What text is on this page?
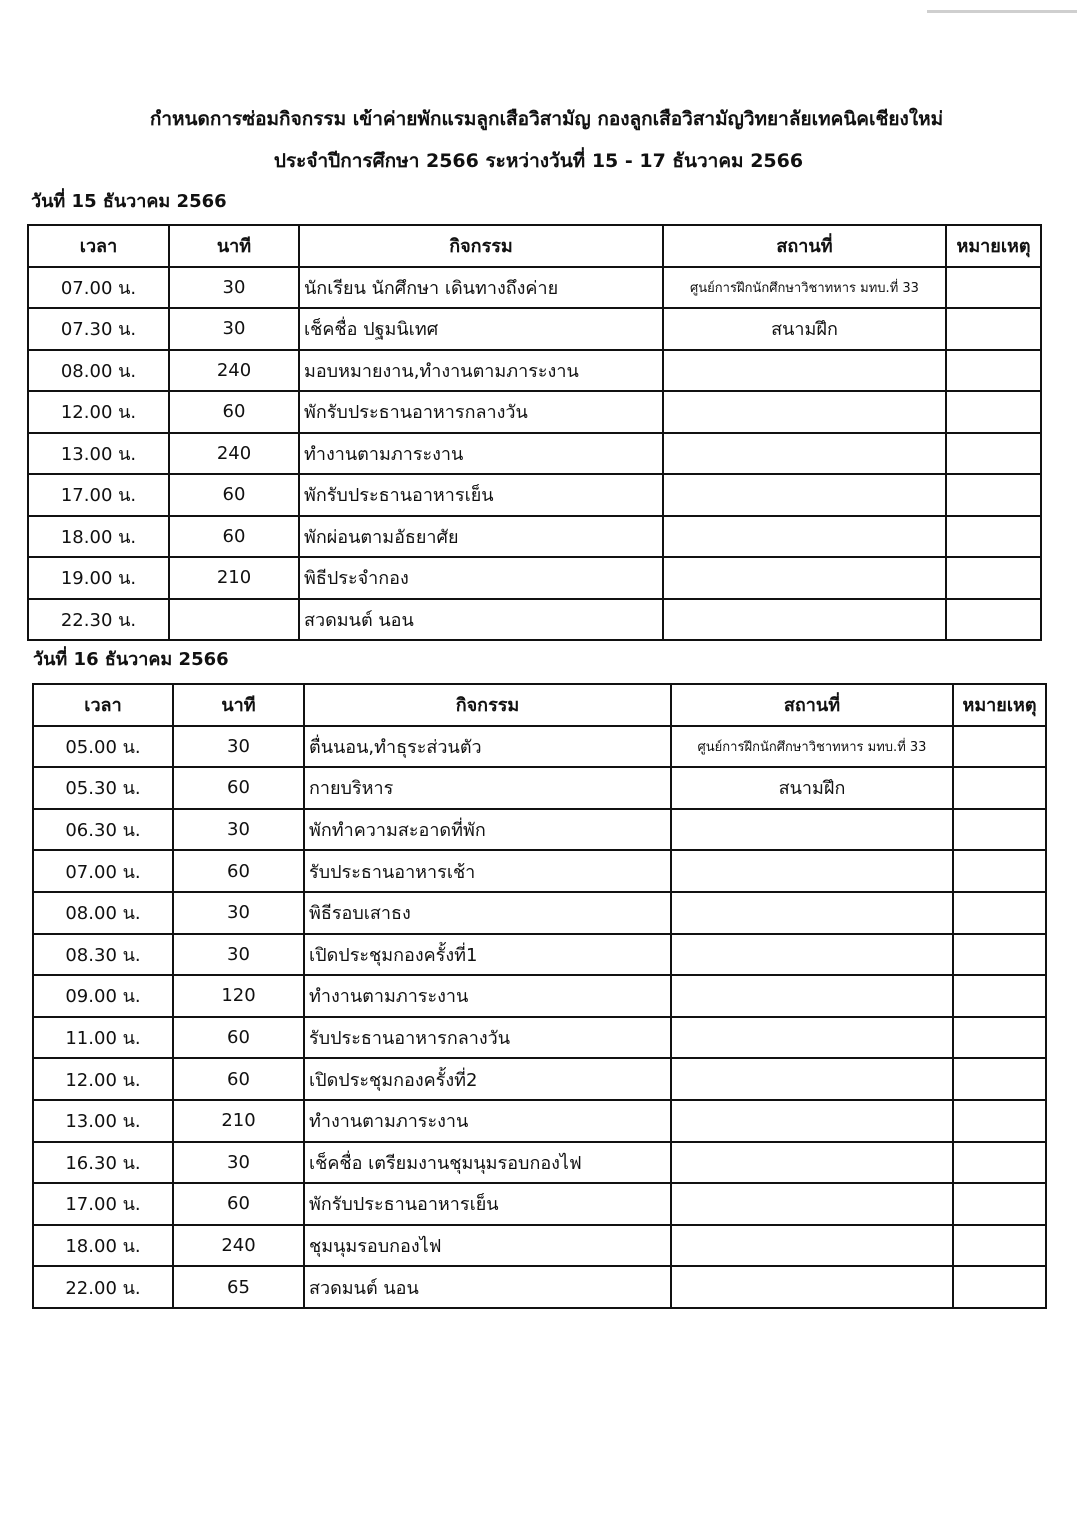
กำหนดการซ่อมกิจกรรม เข้าค่ายพักแรมลูกเสือวิสามัญ กองลูกเสือวิสามัญวิทยาลัยเทคนิคเชียงใหม่
ประจำปีการศึกษา 2566 ระหว่างวันที่ 15 - 17 ธันวาคม 2566
วันที่ 15 ธันวาคม 2566
เวลา	นาที	กิจกรรม	สถานที่	หมายเหตุ
07.00 น.	30	นักเรียน นักศึกษา เดินทางถึงค่าย	ศูนย์การฝึกนักศึกษาวิชาทหาร มทบ.ที่ 33	
07.30 น.	30	เช็คชื่อ ปฐมนิเทศ	สนามฝึก	
08.00 น.	240	มอบหมายงาน,ทำงานตามภาระงาน		
12.00 น.	60	พักรับประธานอาหารกลางวัน		
13.00 น.	240	ทำงานตามภาระงาน		
17.00 น.	60	พักรับประธานอาหารเย็น		
18.00 น.	60	พักผ่อนตามอัธยาศัย		
19.00 น.	210	พิธีประจำกอง		
22.30 น.		สวดมนต์ นอน		
วันที่ 16 ธันวาคม 2566
เวลา	นาที	กิจกรรม	สถานที่	หมายเหตุ
05.00 น.	30	ตื่นนอน,ทำธุระส่วนตัว	ศูนย์การฝึกนักศึกษาวิชาทหาร มทบ.ที่ 33	
05.30 น.	60	กายบริหาร	สนามฝึก	
06.30 น.	30	พักทำความสะอาดที่พัก		
07.00 น.	60	รับประธานอาหารเช้า		
08.00 น.	30	พิธีรอบเสาธง		
08.30 น.	30	เปิดประชุมกองครั้งที่1		
09.00 น.	120	ทำงานตามภาระงาน		
11.00 น.	60	รับประธานอาหารกลางวัน		
12.00 น.	60	เปิดประชุมกองครั้งที่2		
13.00 น.	210	ทำงานตามภาระงาน		
16.30 น.	30	เช็คชื่อ เตรียมงานชุมนุมรอบกองไฟ		
17.00 น.	60	พักรับประธานอาหารเย็น		
18.00 น.	240	ชุมนุมรอบกองไฟ		
22.00 น.	65	สวดมนต์ นอน		
